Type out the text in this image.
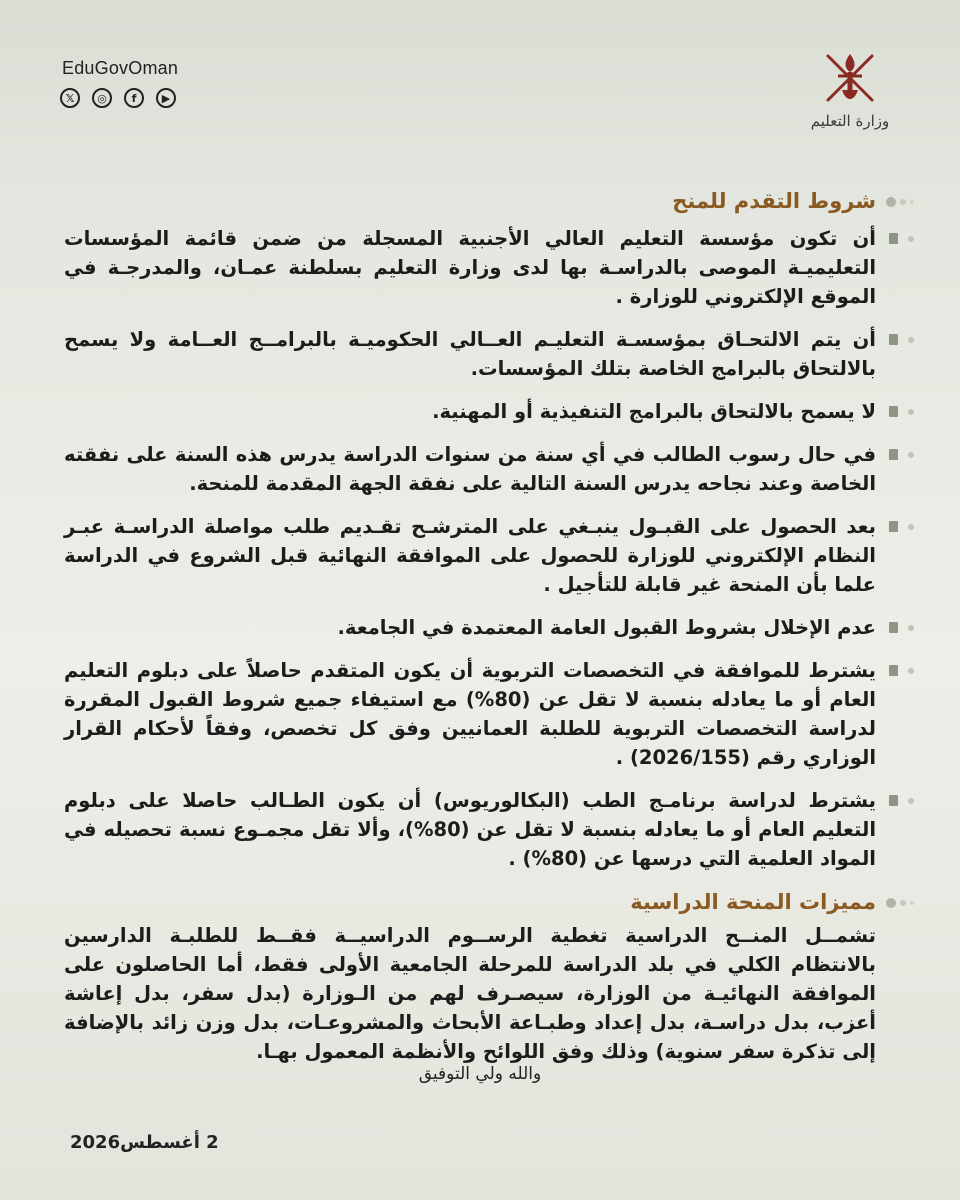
EduGovOman
𝕏	◎	f	▶
وزارة التعليم
شروط التقدم للمنح
أن تكون مؤسسة التعليم العالي الأجنبية المسجلة من ضمن قائمة المؤسسات التعليميـة الموصى بالدراسـة بها لدى وزارة التعليم بسلطنة عمـان، والمدرجـة في الموقع الإلكتروني للوزارة .
أن يتم الالتحـاق بمؤسسـة التعليـم العــالي الحكوميـة بالبرامــج العــامة ولا يسمح بالالتحاق بالبرامج الخاصة بتلك المؤسسات.
لا يسمح بالالتحاق بالبرامج التنفيذية أو المهنية.
في حال رسوب الطالب في أي سنة من سنوات الدراسة يدرس هذه السنة على نفقته الخاصة وعند نجاحه يدرس السنة التالية على نفقة الجهة المقدمة للمنحة.
بعد الحصول على القبـول ينبـغي على المترشـح تقـديم طلب مواصلة الدراسـة عبـر النظام الإلكتروني للوزارة للحصول على الموافقة النهائية قبل الشروع في الدراسة علما بأن المنحة غير قابلة للتأجيل .
عدم الإخلال بشروط القبول العامة المعتمدة في الجامعة.
يشترط للموافقة في التخصصات التربوية أن يكون المتقدم حاصلاً على دبلوم التعليم العام أو ما يعادله بنسبة لا تقل عن (80%) مع استيفاء جميع شروط القبول المقررة لدراسة التخصصات التربوية للطلبة العمانيين وفق كل تخصص، وفقاً لأحكام القرار الوزاري رقم (2026/155) .
يشترط لدراسة برنامـج الطب (البكالوريوس) أن يكون الطـالب حاصلا على دبلوم التعليم العام أو ما يعادله بنسبة لا تقل عن (80%)، وألا تقل مجمـوع نسبة تحصيله في المواد العلمية التي درسها عن (80%) .
مميزات المنحة الدراسية
تشمــل المنــح الدراسية تغطية الرســوم الدراسيــة فقــط للطلبـة الدارسين بالانتظام الكلي في بلد الدراسة للمرحلة الجامعية الأولى فقط، أما الحاصلون على الموافقة النهائيـة من الوزارة، سيصـرف لهم من الـوزارة (بدل سفر، بدل إعاشة أعزب، بدل دراسـة، بدل إعداد وطبـاعة الأبحاث والمشروعـات، بدل وزن زائد بالإضافة إلى تذكرة سفر سنوية) وذلك وفق اللوائح والأنظمة المعمول بهـا.
والله ولي التوفيق
2 أغسطس2026
